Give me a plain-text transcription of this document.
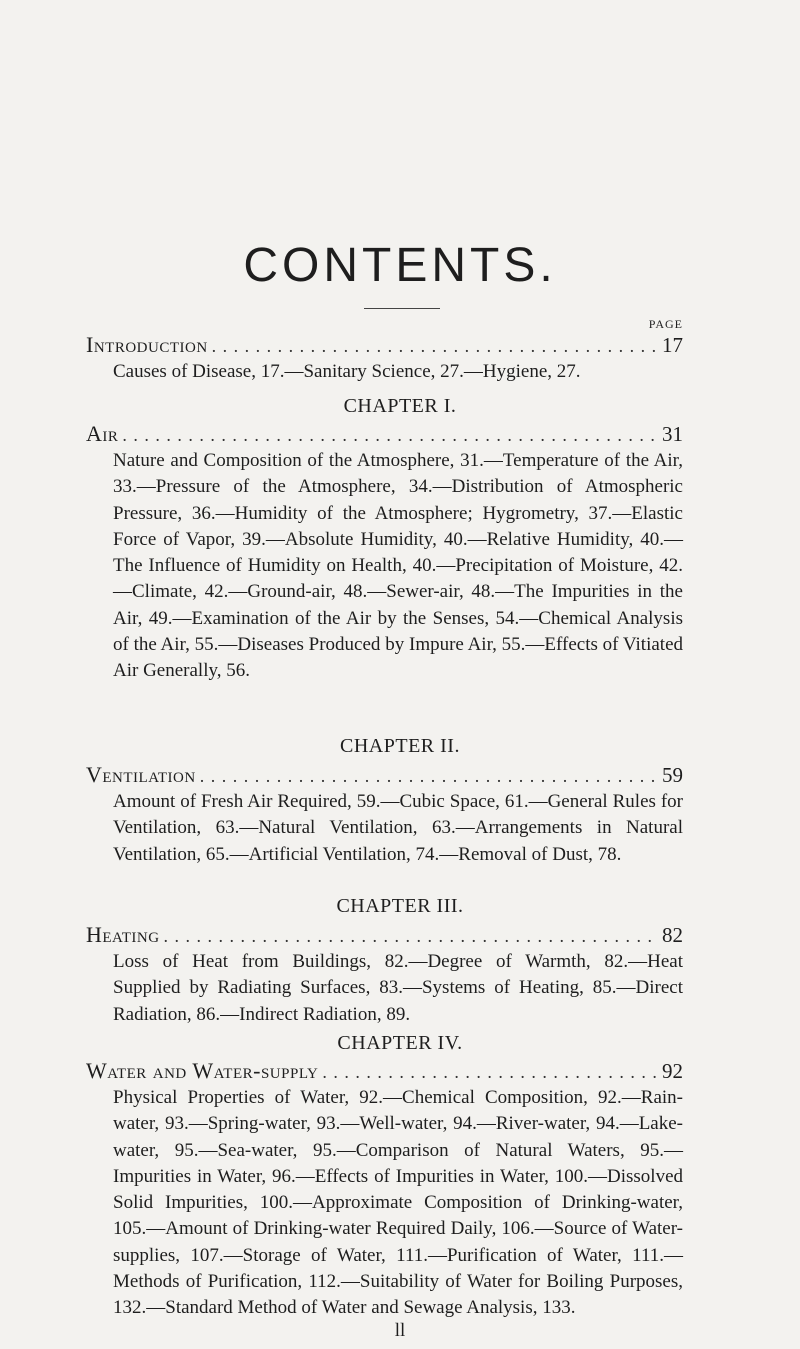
CONTENTS.
PAGE
Introduction . . .	17
Causes of Disease, 17.—Sanitary Science, 27.—Hygiene, 27.
CHAPTER I.
Air . . .	31
Nature and Composition of the Atmosphere, 31.—Temperature of the Air, 33.—Pressure of the Atmosphere, 34.—Distribution of Atmospheric Pressure, 36.—Humidity of the Atmosphere; Hygrometry, 37.—Elastic Force of Vapor, 39.—Absolute Humidity, 40.—Relative Humidity, 40.—The Influence of Humidity on Health, 40.—Precipitation of Moisture, 42.—Climate, 42.—Ground-air, 48.—Sewer-air, 48.—The Impurities in the Air, 49.—Examination of the Air by the Senses, 54.—Chemical Analysis of the Air, 55.—Diseases Produced by Impure Air, 55.—Effects of Vitiated Air Generally, 56.
CHAPTER II.
Ventilation . . .	59
Amount of Fresh Air Required, 59.—Cubic Space, 61.—General Rules for Ventilation, 63.—Natural Ventilation, 63.—Arrangements in Natural Ventilation, 65.—Artificial Ventilation, 74.—Removal of Dust, 78.
CHAPTER III.
Heating . . .	82
Loss of Heat from Buildings, 82.—Degree of Warmth, 82.—Heat Supplied by Radiating Surfaces, 83.—Systems of Heating, 85.—Direct Radiation, 86.—Indirect Radiation, 89.
CHAPTER IV.
Water and Water-supply . . .	92
Physical Properties of Water, 92.—Chemical Composition, 92.—Rain-water, 93.—Spring-water, 93.—Well-water, 94.—River-water, 94.—Lake-water, 95.—Sea-water, 95.—Comparison of Natural Waters, 95.—Impurities in Water, 96.—Effects of Impurities in Water, 100.—Dissolved Solid Impurities, 100.—Approximate Composition of Drinking-water, 105.—Amount of Drinking-water Required Daily, 106.—Source of Water-supplies, 107.—Storage of Water, 111.—Purification of Water, 111.—Methods of Purification, 112.—Suitability of Water for Boiling Purposes, 132.—Standard Method of Water and Sewage Analysis, 133.
ll
